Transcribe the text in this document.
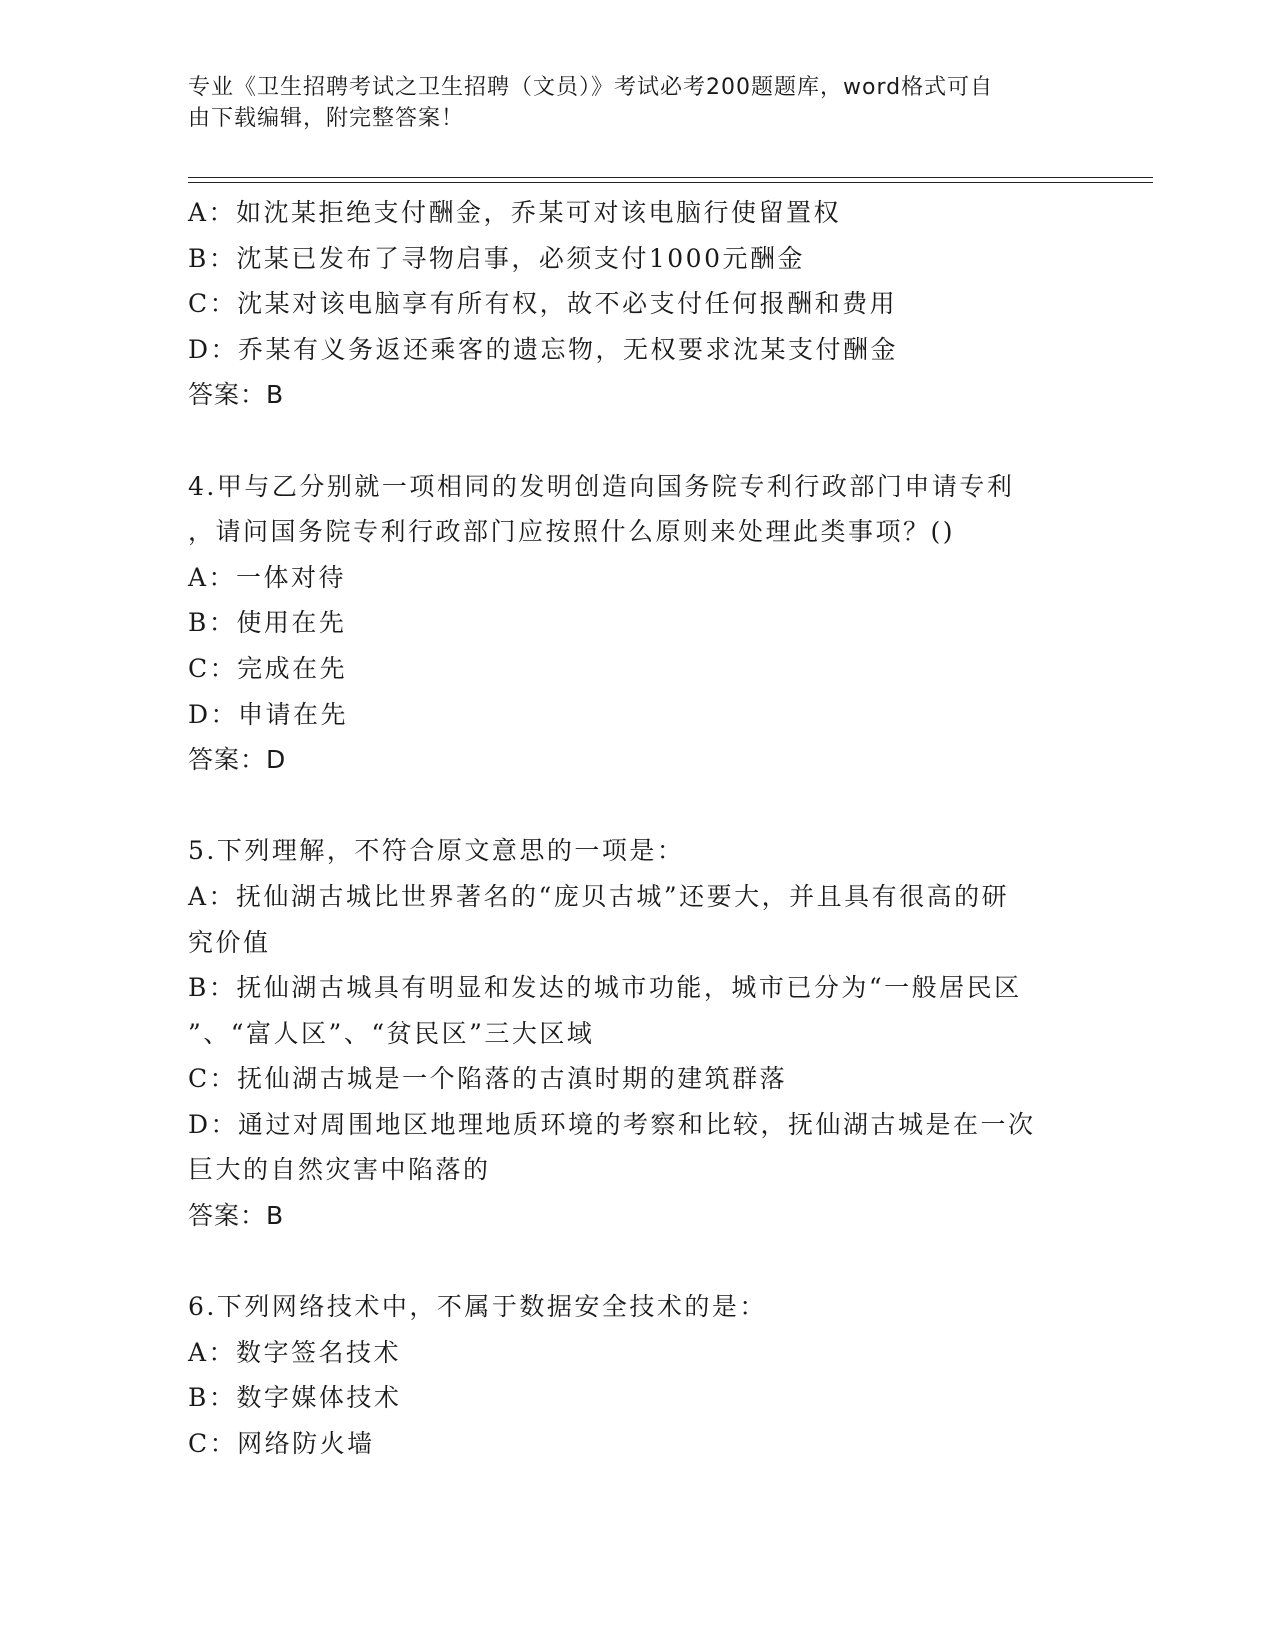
专业《卫生招聘考试之卫生招聘（文员）》考试必考200题题库，word格式可自
由下载编辑，附完整答案！
A：如沈某拒绝支付酬金，乔某可对该电脑行使留置权
B：沈某已发布了寻物启事，必须支付1000元酬金
C：沈某对该电脑享有所有权，故不必支付任何报酬和费用
D：乔某有义务返还乘客的遗忘物，无权要求沈某支付酬金
答案：B
4.甲与乙分别就一项相同的发明创造向国务院专利行政部门申请专利
，请问国务院专利行政部门应按照什么原则来处理此类事项？()
A：一体对待
B：使用在先
C：完成在先
D：申请在先
答案：D
5.下列理解，不符合原文意思的一项是：
A：抚仙湖古城比世界著名的“庞贝古城”还要大，并且具有很高的研
究价值
B：抚仙湖古城具有明显和发达的城市功能，城市已分为“一般居民区
”、“富人区”、“贫民区”三大区域
C：抚仙湖古城是一个陷落的古滇时期的建筑群落
D：通过对周围地区地理地质环境的考察和比较，抚仙湖古城是在一次
巨大的自然灾害中陷落的
答案：B
6.下列网络技术中，不属于数据安全技术的是：
A：数字签名技术
B：数字媒体技术
C：网络防火墙
